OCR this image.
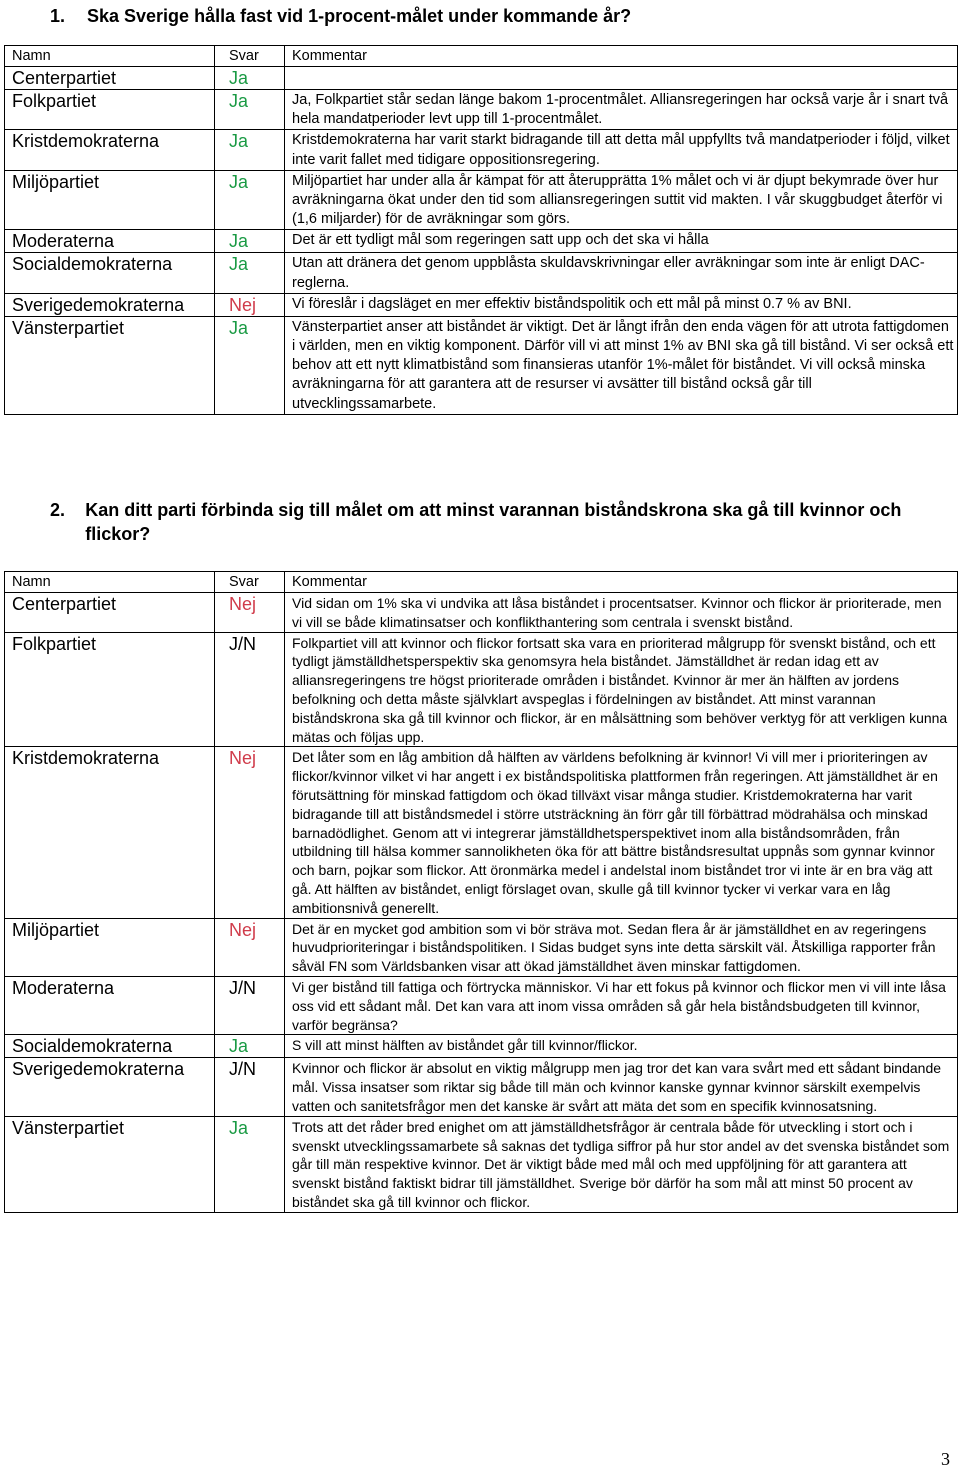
1.	Ska Sverige hålla fast vid 1-procent-målet under kommande år?
Namn	Svar	Kommentar
Centerpartiet	Ja	
Folkpartiet	Ja	Ja, Folkpartiet står sedan länge bakom 1-procentmålet. Alliansregeringen har också varje år i snart två hela mandatperioder levt upp till 1-procentmålet.
Kristdemokraterna	Ja	Kristdemokraterna har varit starkt bidragande till att detta mål uppfyllts två mandatperioder i följd, vilket inte varit fallet med tidigare oppositionsregering.
Miljöpartiet	Ja	Miljöpartiet har under alla år kämpat för att återupprätta 1% målet och vi är djupt bekymrade över hur avräkningarna ökat under den tid som alliansregeringen suttit vid makten. I vår skuggbudget återför vi (1,6 miljarder) för de avräkningar som görs.
Moderaterna	Ja	Det är ett tydligt mål som regeringen satt upp och det ska vi hålla
Socialdemokraterna	Ja	Utan att dränera det genom uppblåsta skuldavskrivningar eller avräkningar som inte är enligt DAC-reglerna.
Sverigedemokraterna	Nej	Vi föreslår i dagsläget en mer effektiv biståndspolitik och ett mål på minst 0.7 % av BNI.
Vänsterpartiet	Ja	Vänsterpartiet anser att biståndet är viktigt. Det är långt ifrån den enda vägen för att utrota fattigdomen i världen, men en viktig komponent. Därför vill vi att minst 1% av BNI ska gå till bistånd. Vi ser också ett behov att ett nytt klimatbistånd som finansieras utanför 1%-målet för biståndet. Vi vill också minska avräkningarna för att garantera att de resurser vi avsätter till bistånd också går till utvecklingssamarbete.
2.	Kan ditt parti förbinda sig till målet om att minst varannan biståndskrona ska gå till kvinnor och flickor?
Namn	Svar	Kommentar
Centerpartiet	Nej	Vid sidan om 1% ska vi undvika att låsa biståndet i procentsatser. Kvinnor och flickor är prioriterade, men vi vill se både klimatinsatser och konflikthantering som centrala i svenskt bistånd.
Folkpartiet	J/N	Folkpartiet vill att kvinnor och flickor fortsatt ska vara en prioriterad målgrupp för svenskt bistånd, och ett tydligt jämställdhetsperspektiv ska genomsyra hela biståndet. Jämställdhet är redan idag ett av alliansregeringens tre högst prioriterade områden i biståndet. Kvinnor är mer än hälften av jordens befolkning och detta måste självklart avspeglas i fördelningen av biståndet. Att minst varannan biståndskrona ska gå till kvinnor och flickor, är en målsättning som behöver verktyg för att verkligen kunna mätas och följas upp.
Kristdemokraterna	Nej	Det låter som en låg ambition då hälften av världens befolkning är kvinnor! Vi vill mer i prioriteringen av flickor/kvinnor vilket vi har angett i ex biståndspolitiska plattformen från regeringen. Att jämställdhet är en förutsättning för minskad fattigdom och ökad tillväxt visar många studier. Kristdemokraterna har varit bidragande till att biståndsmedel i större utsträckning än förr går till förbättrad mödrahälsa och minskad barnadödlighet. Genom att vi integrerar jämställdhetsperspektivet inom alla biståndsområden, från utbildning till hälsa kommer sannolikheten öka för att bättre biståndsresultat uppnås som gynnar kvinnor och barn, pojkar som flickor. Att öronmärka medel i andelstal inom biståndet tror vi inte är en bra väg att gå. Att hälften av biståndet, enligt förslaget ovan, skulle gå till kvinnor tycker vi verkar vara en låg ambitionsnivå generellt.
Miljöpartiet	Nej	Det är en mycket god ambition som vi bör sträva mot. Sedan flera år är jämställdhet en av regeringens huvudprioriteringar i biståndspolitiken. I Sidas budget syns inte detta särskilt väl. Åtskilliga rapporter från såväl FN som Världsbanken visar att ökad jämställdhet även minskar fattigdomen.
Moderaterna	J/N	Vi ger bistånd till fattiga och förtrycka människor. Vi har ett fokus på kvinnor och flickor men vi vill inte låsa oss vid ett sådant mål. Det kan vara att inom vissa områden så går hela biståndsbudgeten till kvinnor, varför begränsa?
Socialdemokraterna	Ja	S vill att minst hälften av biståndet går till kvinnor/flickor.
Sverigedemokraterna	J/N	Kvinnor och flickor är absolut en viktig målgrupp men jag tror det kan vara svårt med ett sådant bindande mål. Vissa insatser som riktar sig både till män och kvinnor kanske gynnar kvinnor särskilt exempelvis vatten och sanitetsfrågor men det kanske är svårt att mäta det som en specifik kvinnosatsning.
Vänsterpartiet	Ja	Trots att det råder bred enighet om att jämställdhetsfrågor är centrala både för utveckling i stort och i svenskt utvecklingssamarbete så saknas det tydliga siffror på hur stor andel av det svenska biståndet som går till män respektive kvinnor. Det är viktigt både med mål och med uppföljning för att garantera att svenskt bistånd faktiskt bidrar till jämställdhet. Sverige bör därför ha som mål att minst 50 procent av biståndet ska gå till kvinnor och flickor.
3
